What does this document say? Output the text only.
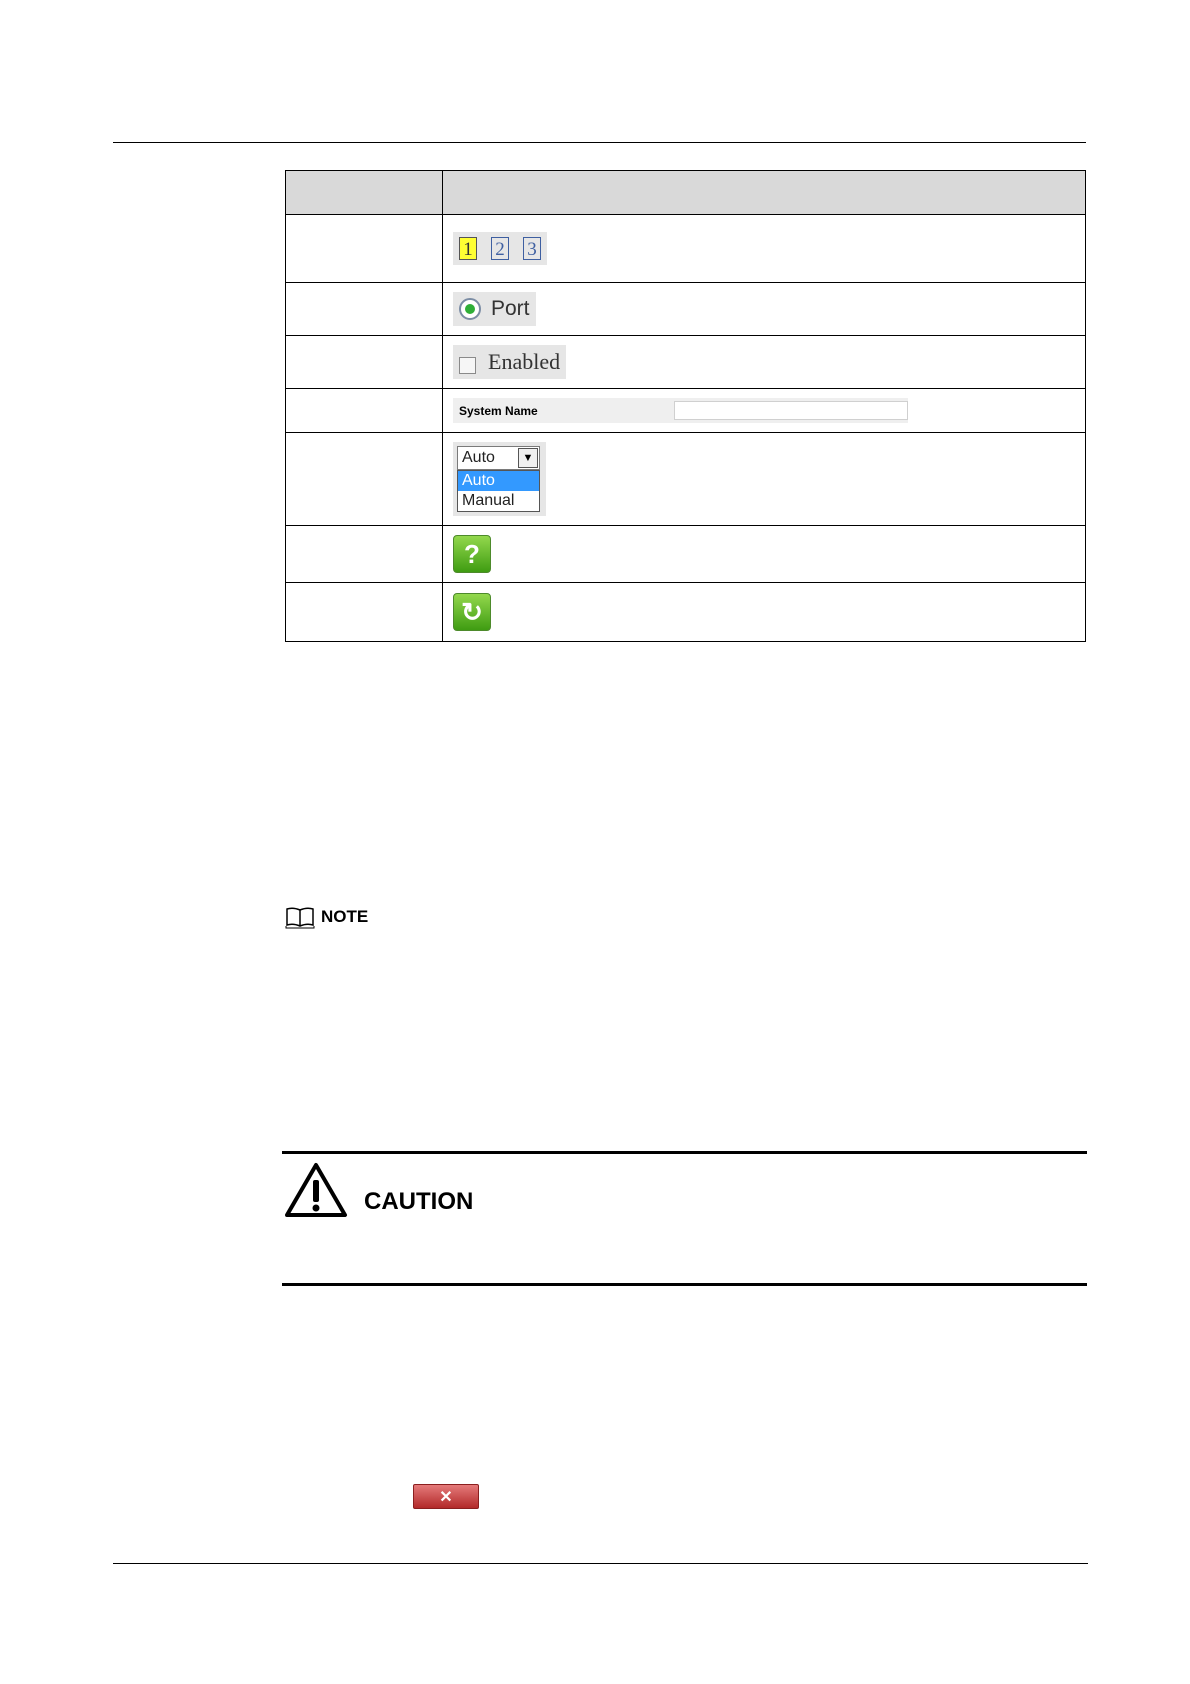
	1 2 3

	Port

	Enabled

	System Name

	Auto ▼
Auto
Manual

	?

	↻
NOTE
CAUTION
✕
